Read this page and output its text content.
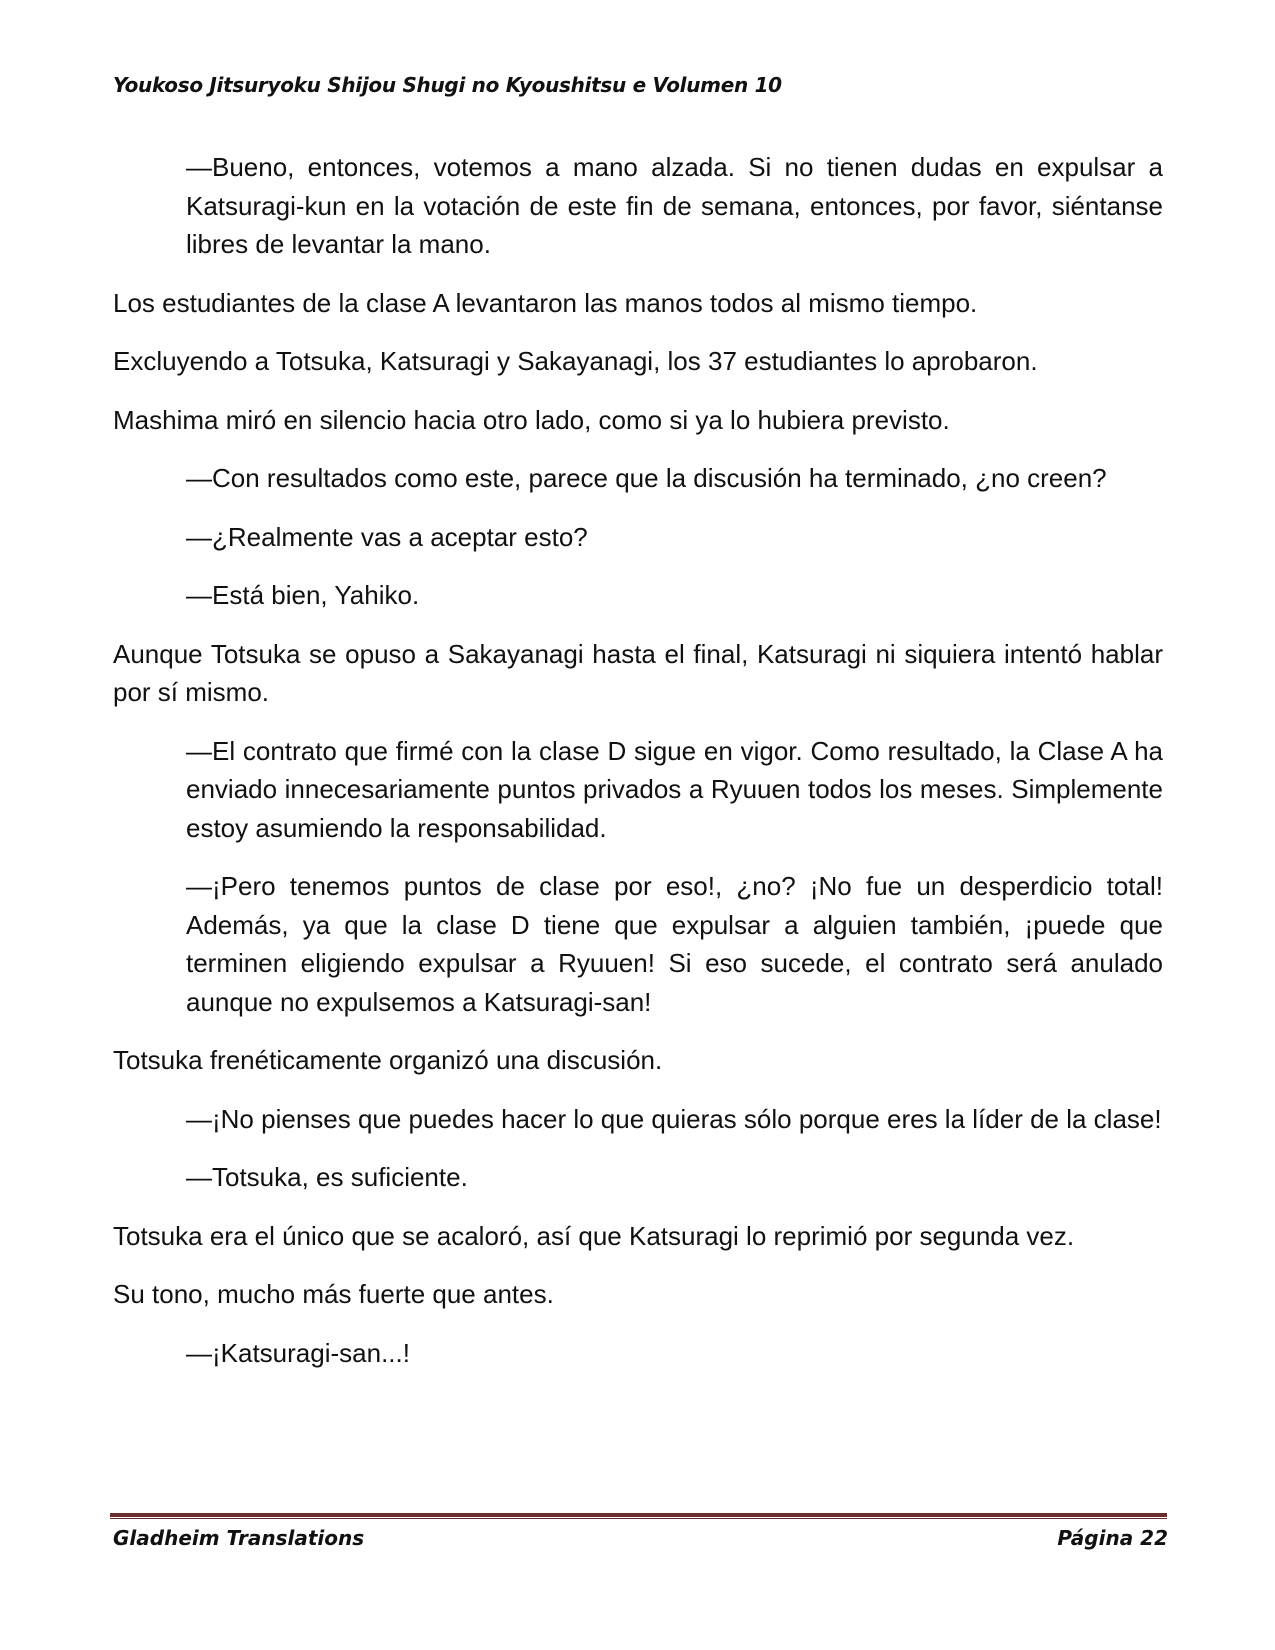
Youkoso Jitsuryoku Shijou Shugi no Kyoushitsu e Volumen 10

—Bueno, entonces, votemos a mano alzada. Si no tienen dudas en expulsar a Katsuragi-kun en la votación de este fin de semana, entonces, por favor, siéntanse libres de levantar la mano.

Los estudiantes de la clase A levantaron las manos todos al mismo tiempo.

Excluyendo a Totsuka, Katsuragi y Sakayanagi, los 37 estudiantes lo aprobaron.

Mashima miró en silencio hacia otro lado, como si ya lo hubiera previsto.

—Con resultados como este, parece que la discusión ha terminado, ¿no creen?

—¿Realmente vas a aceptar esto?

—Está bien, Yahiko.

Aunque Totsuka se opuso a Sakayanagi hasta el final, Katsuragi ni siquiera intentó hablar por sí mismo.

—El contrato que firmé con la clase D sigue en vigor. Como resultado, la Clase A ha enviado innecesariamente puntos privados a Ryuuen todos los meses. Simplemente estoy asumiendo la responsabilidad.

—¡Pero tenemos puntos de clase por eso!, ¿no? ¡No fue un desperdicio total! Además, ya que la clase D tiene que expulsar a alguien también, ¡puede que terminen eligiendo expulsar a Ryuuen! Si eso sucede, el contrato será anulado aunque no expulsemos a Katsuragi-san!

Totsuka frenéticamente organizó una discusión.

—¡No pienses que puedes hacer lo que quieras sólo porque eres la líder de la clase!

—Totsuka, es suficiente.

Totsuka era el único que se acaloró, así que Katsuragi lo reprimió por segunda vez.

Su tono, mucho más fuerte que antes.

—¡Katsuragi-san...!

Gladheim Translations	Página 22
